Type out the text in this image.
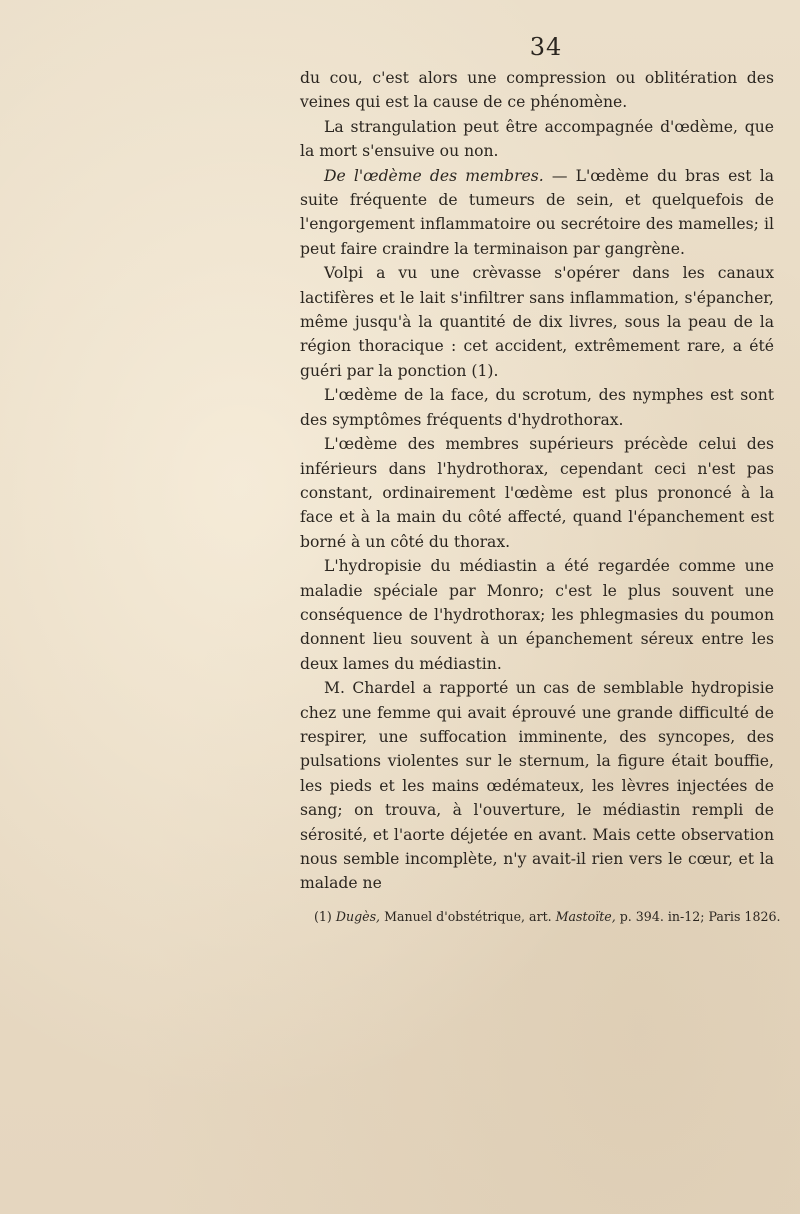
34

du cou, c'est alors une compression ou oblitération des veines qui est la cause de ce phénomène.

La strangulation peut être accompagnée d'œdème, que la mort s'ensuive ou non.

De l'œdème des membres. — L'œdème du bras est la suite fréquente de tumeurs de sein, et quelquefois de l'engorgement inflammatoire ou secrétoire des mamelles; il peut faire craindre la terminaison par gangrène.

Volpi a vu une crèvasse s'opérer dans les canaux lactifères et le lait s'infiltrer sans inflammation, s'épancher, même jusqu'à la quantité de dix livres, sous la peau de la région thoracique : cet accident, extrêmement rare, a été guéri par la ponction (1).

L'œdème de la face, du scrotum, des nymphes est sont des symptômes fréquents d'hydrothorax.

L'œdème des membres supérieurs précède celui des inférieurs dans l'hydrothorax, cependant ceci n'est pas constant, ordinairement l'œdème est plus prononcé à la face et à la main du côté affecté, quand l'épanchement est borné à un côté du thorax.

L'hydropisie du médiastin a été regardée comme une maladie spéciale par Monro; c'est le plus souvent une conséquence de l'hydrothorax; les phlegmasies du poumon donnent lieu souvent à un épanchement séreux entre les deux lames du médiastin.

M. Chardel a rapporté un cas de semblable hydropisie chez une femme qui avait éprouvé une grande difficulté de respirer, une suffocation imminente, des syncopes, des pulsations violentes sur le sternum, la figure était bouffie, les pieds et les mains œdémateux, les lèvres injectées de sang; on trouva, à l'ouverture, le médiastin rempli de sérosité, et l'aorte déjetée en avant. Mais cette observation nous semble incomplète, n'y avait-il rien vers le cœur, et la malade ne

(1) Dugès, Manuel d'obstétrique, art. Mastoïte, p. 394. in-12; Paris 1826.
